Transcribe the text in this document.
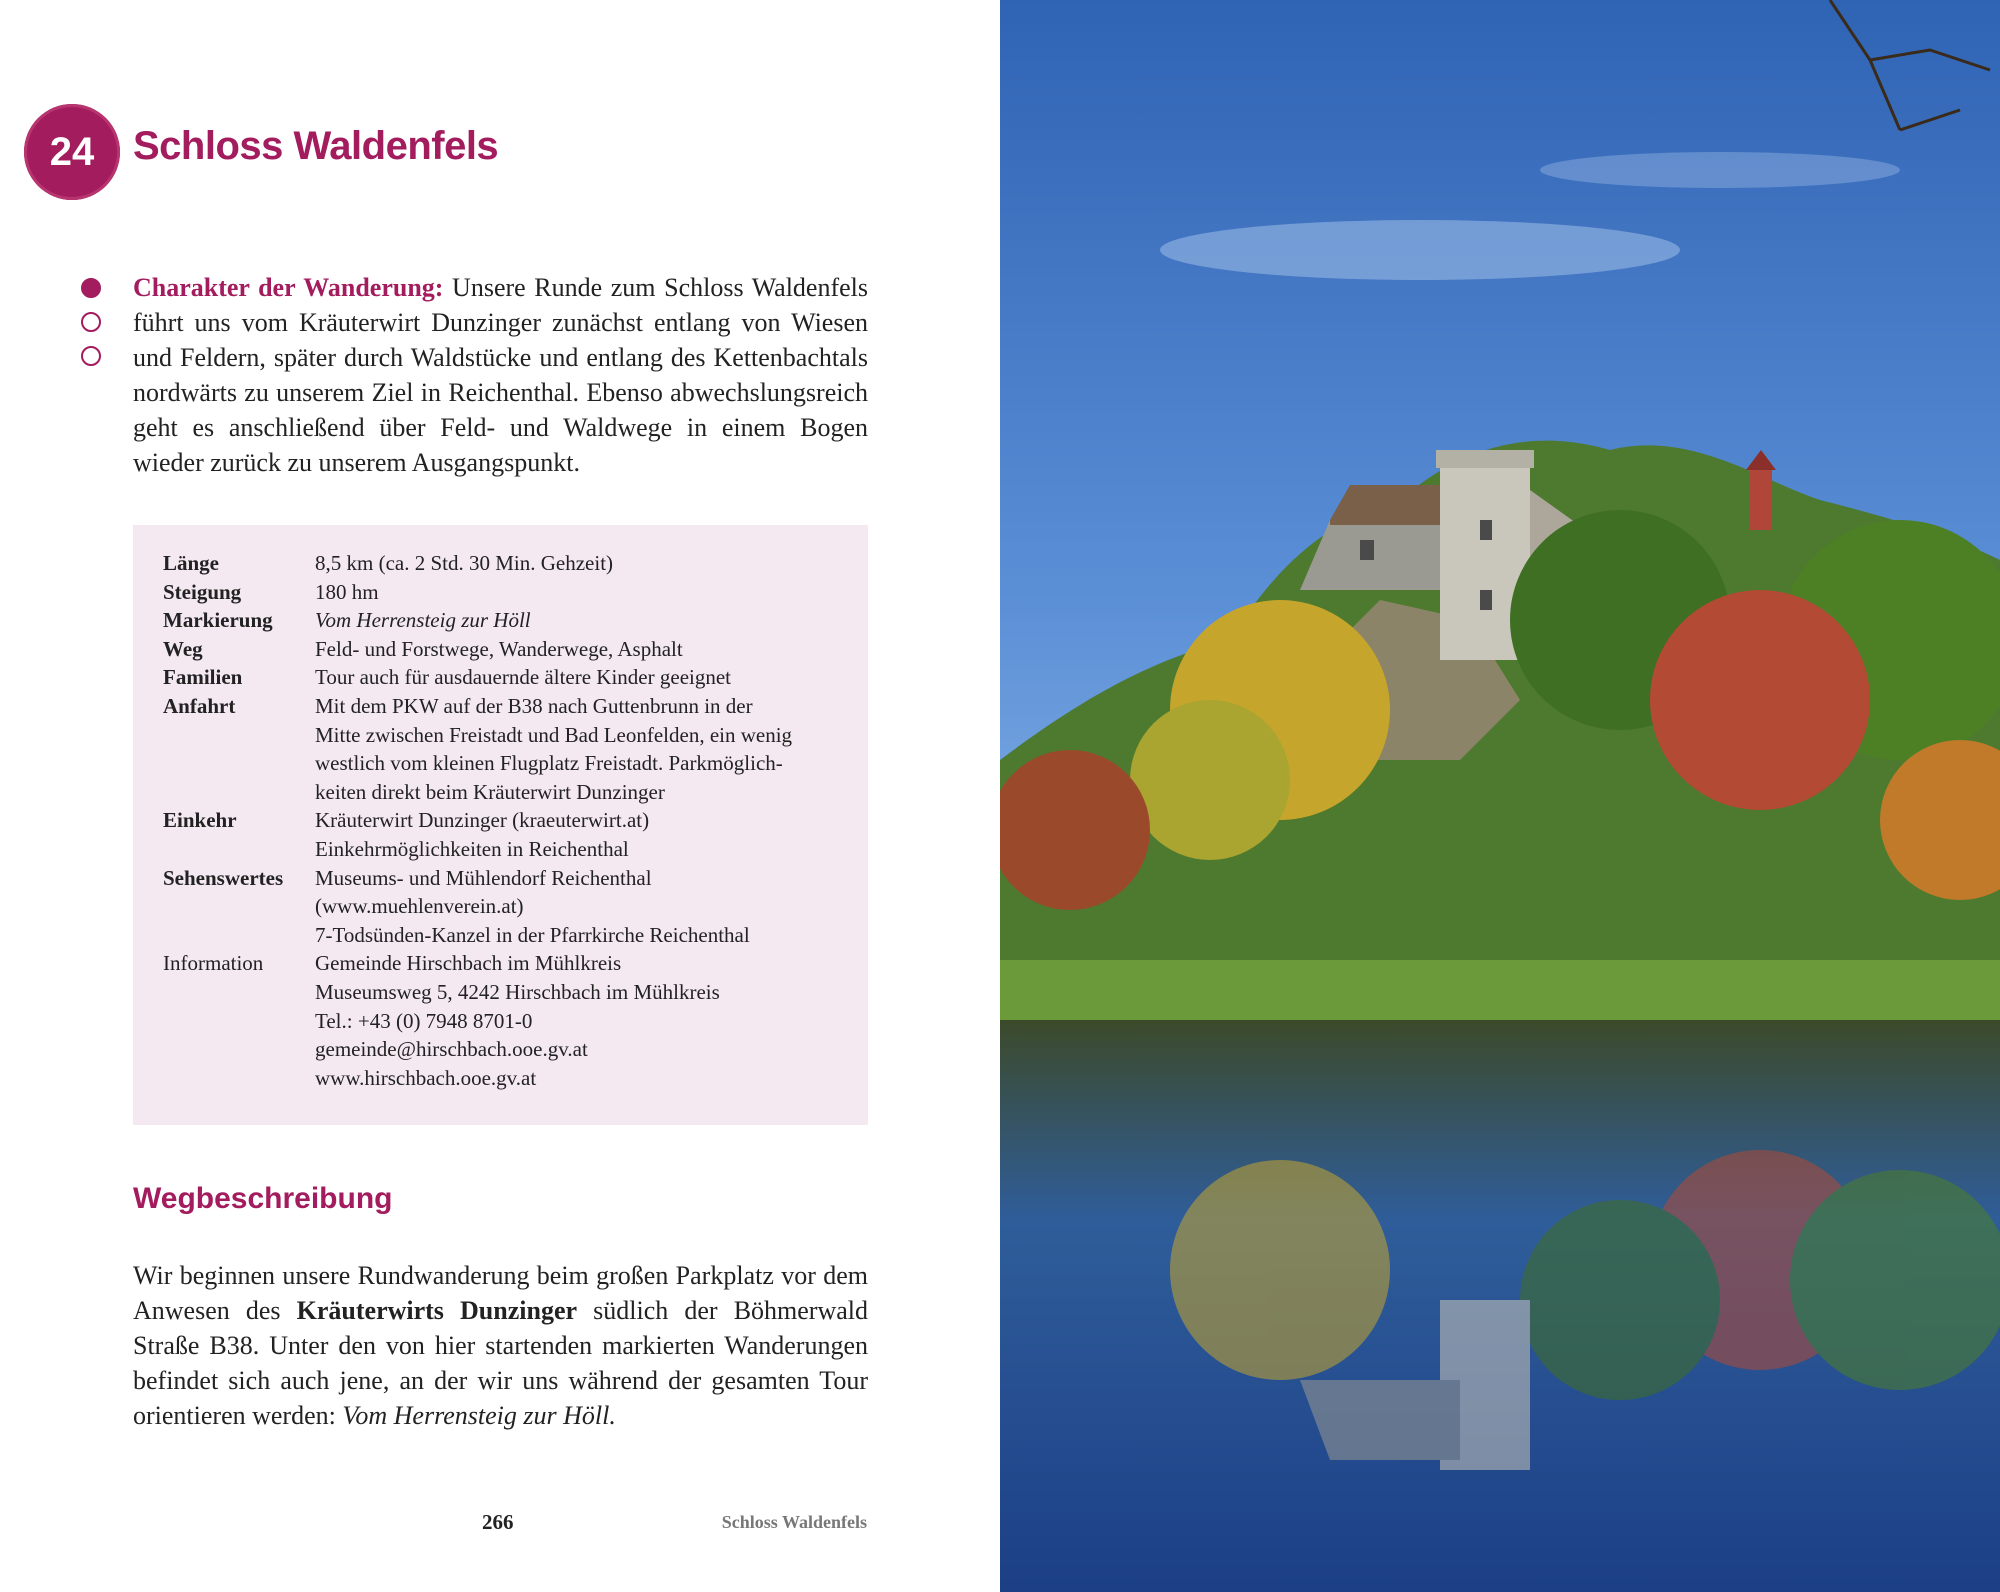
24 Schloss Waldenfels

Charakter der Wanderung: Unsere Runde zum Schloss Waldenfels führt uns vom Kräuterwirt Dunzinger zunächst entlang von Wiesen und Feldern, später durch Waldstücke und entlang des Kettenbachtals nordwärts zu unserem Ziel in Reichenthal. Ebenso abwechslungsreich geht es anschließend über Feld- und Waldwege in einem Bogen wieder zurück zu unserem Ausgangspunkt.

Länge	8,5 km (ca. 2 Std. 30 Min. Gehzeit)

Steigung	180 hm

Markierung	Vom Herrensteig zur Höll

Weg	Feld- und Forstwege, Wanderwege, Asphalt

Familien	Tour auch für ausdauernde ältere Kinder geeignet

Anfahrt	Mit dem PKW auf der B38 nach Guttenbrunn in der
Mitte zwischen Freistadt und Bad Leonfelden, ein wenig
westlich vom kleinen Flugplatz Freistadt. Parkmöglich-
keiten direkt beim Kräuterwirt Dunzinger

Einkehr	Kräuterwirt Dunzinger (kraeuterwirt.at)
Einkehrmöglichkeiten in Reichenthal

Sehenswertes	Museums- und Mühlendorf Reichenthal
(www.muehlenverein.at)
7-Todsünden-Kanzel in der Pfarrkirche Reichenthal

Information	Gemeinde Hirschbach im Mühlkreis
Museumsweg 5, 4242 Hirschbach im Mühlkreis
Tel.: +43 (0) 7948 8701-0
gemeinde@hirschbach.ooe.gv.at
www.hirschbach.ooe.gv.at
Wegbeschreibung

Wir beginnen unsere Rundwanderung beim großen Parkplatz vor dem Anwesen des Kräuterwirts Dunzinger südlich der Böhmerwald Straße B38. Unter den von hier startenden markierten Wanderungen befindet sich auch jene, an der wir uns während der gesamten Tour orientieren werden: Vom Herrensteig zur Höll.

266	Schloss Waldenfels
